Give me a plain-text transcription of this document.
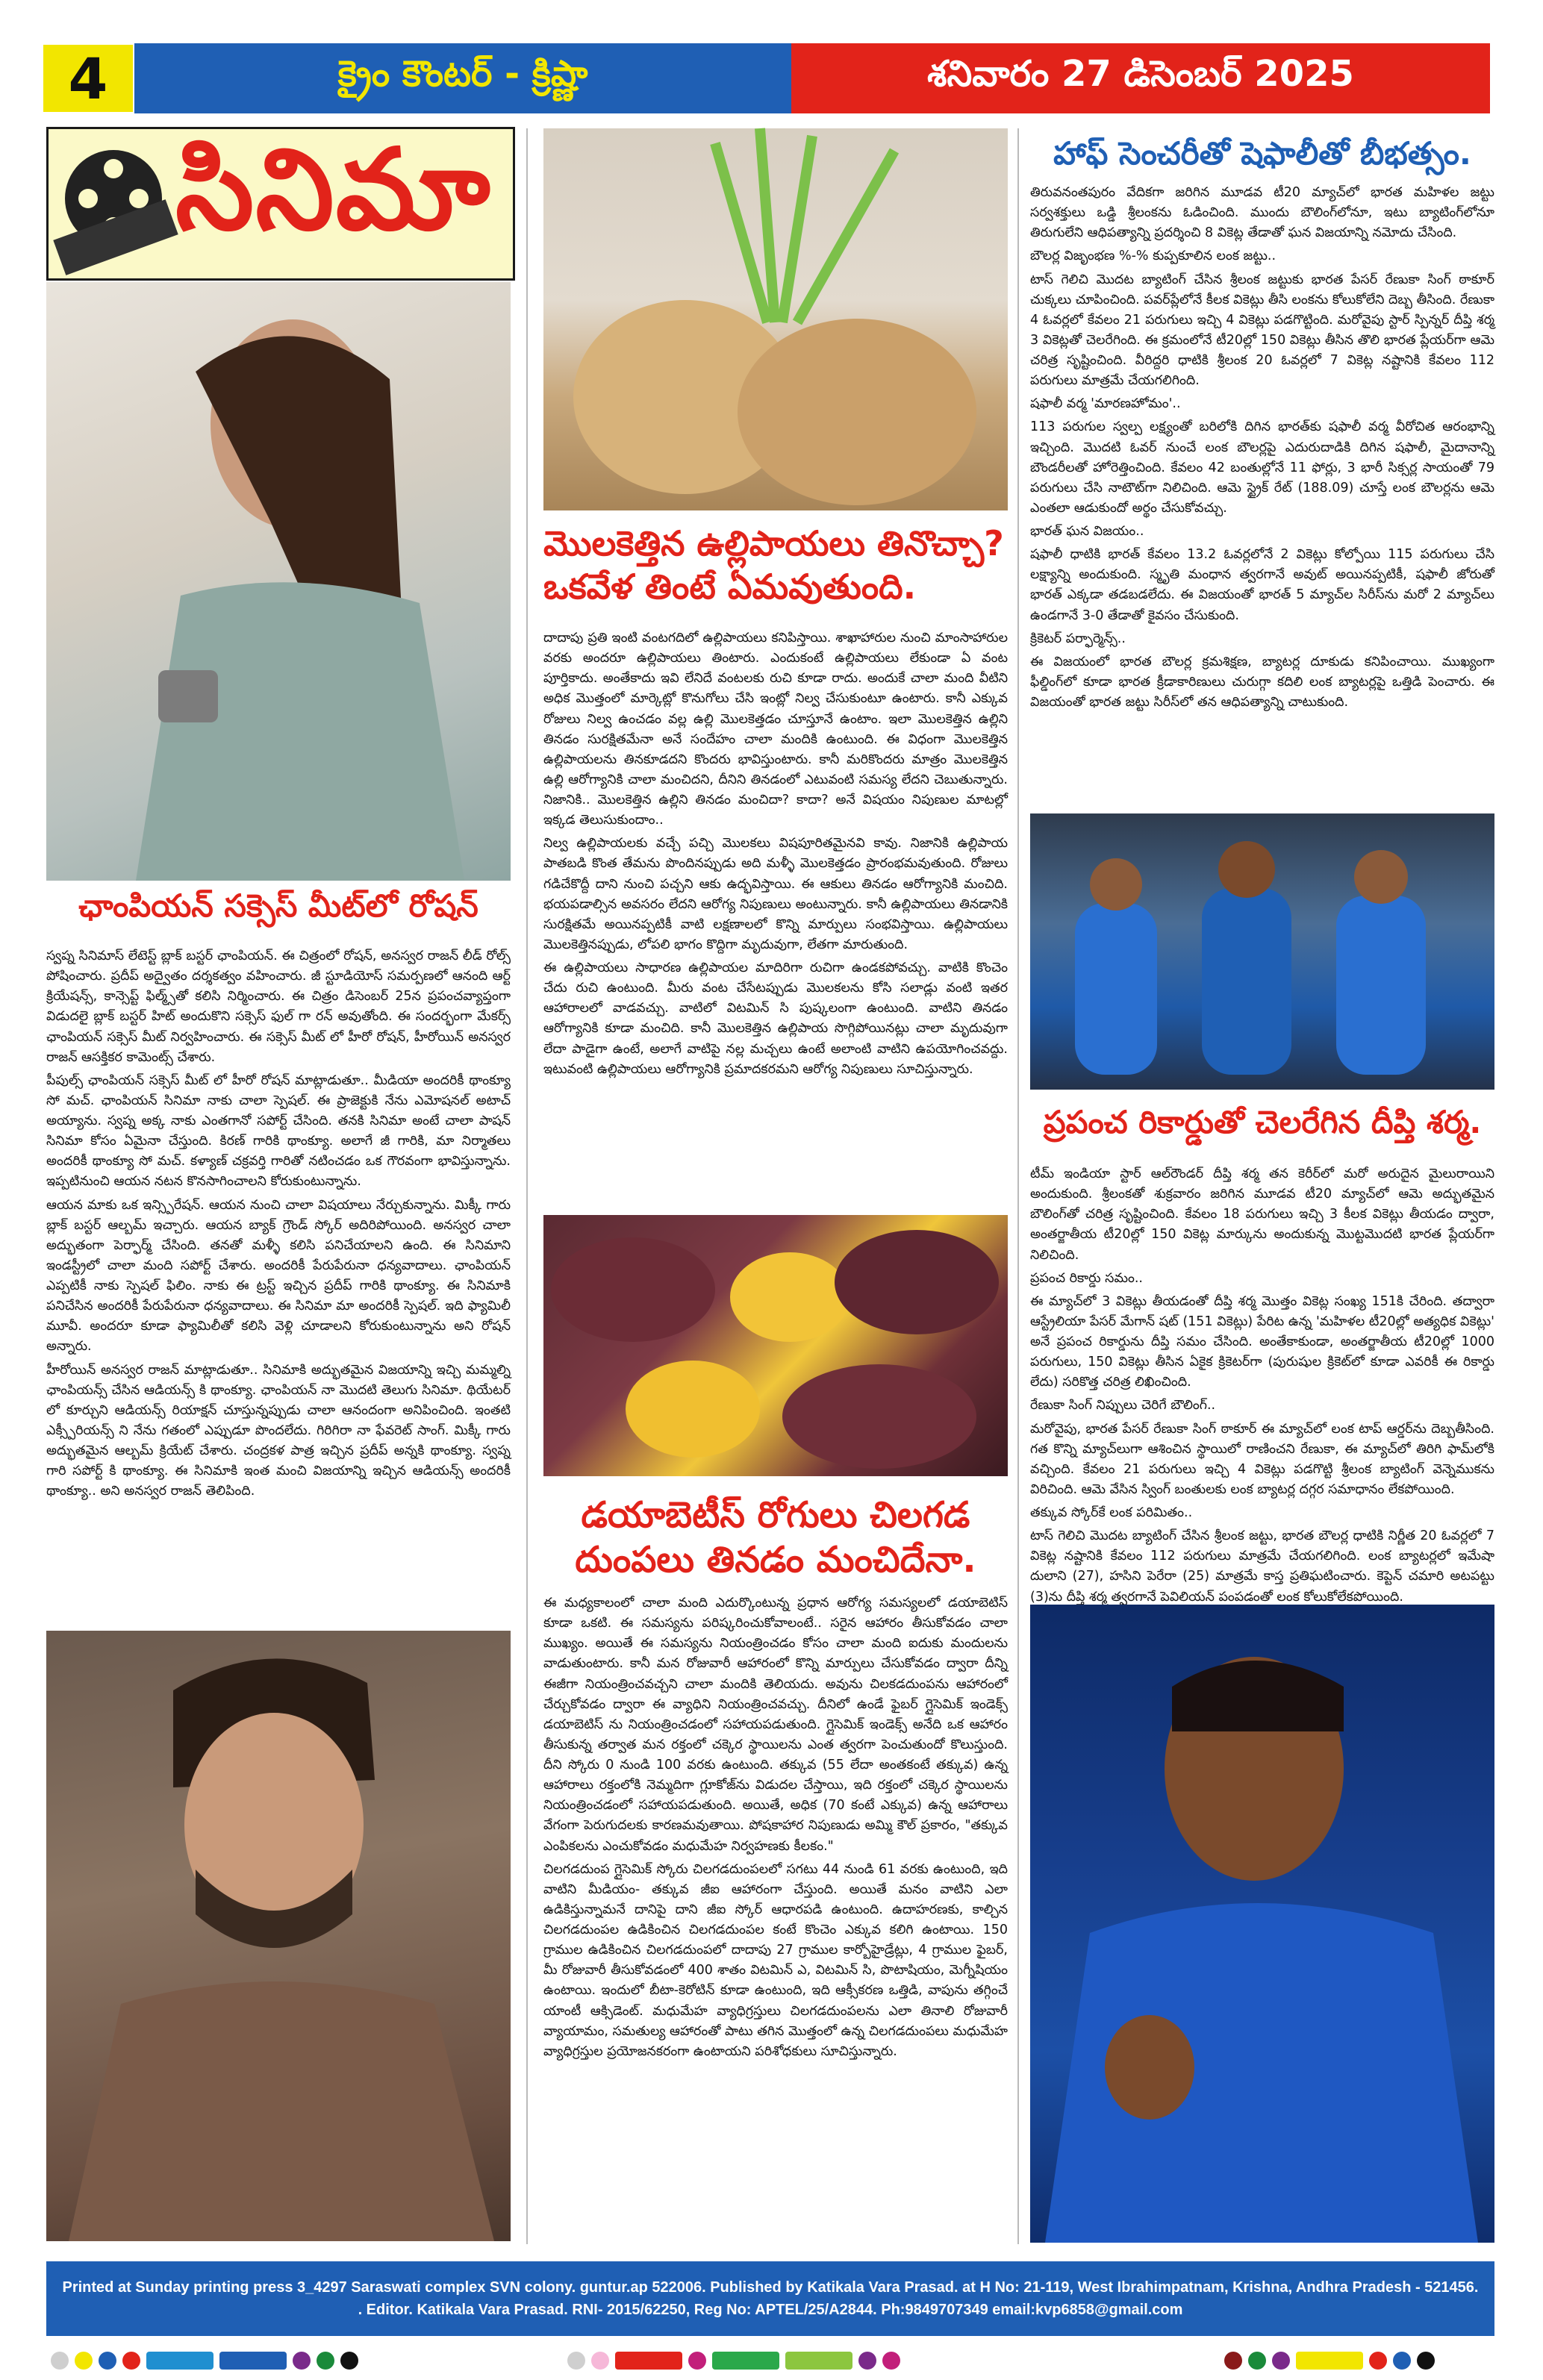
4	క్రైం కౌంటర్ - క్రిష్ణా	శనివారం 27 డిసెంబర్ 2025
సినిమా
ఛాంపియన్ సక్సెస్ మీట్‌లో రోషన్

స్వప్న సినిమాస్ లేటెస్ట్ బ్లాక్ బస్టర్ ఛాంపియన్. ఈ చిత్రంలో రోషన్, అనస్వర రాజన్ లీడ్ రోల్స్ పోషించారు. ప్రదీప్ అద్వైతం దర్శకత్వం వహించారు. జీ స్టూడియోస్ సమర్పణలో ఆనంది ఆర్ట్ క్రియేషన్స్, కాన్సెప్ట్ ఫిల్మ్స్‌తో కలిసి నిర్మించారు. ఈ చిత్రం డిసెంబర్ 25న ప్రపంచవ్యాప్తంగా విడుదలై బ్లాక్ బస్టర్ హిట్ అందుకొని సక్సెస్ ఫుల్ గా రన్ అవుతోంది. ఈ సందర్భంగా మేకర్స్ ఛాంపియన్ సక్సెస్ మీట్ నిర్వహించారు. ఈ సక్సెస్ మీట్ లో హీరో రోషన్, హీరోయిన్ అనస్వర రాజన్ ఆసక్తికర కామెంట్స్ చేశారు.

పీపుల్స్ ఛాంపియన్ సక్సెస్ మీట్ లో హీరో రోషన్ మాట్లాడుతూ.. మీడియా అందరికీ థాంక్యూ సో మచ్. ఛాంపియన్ సినిమా నాకు చాలా స్పెషల్. ఈ ప్రాజెక్టుకి నేను ఎమోషనల్ అటాచ్ అయ్యాను. స్వప్న అక్క నాకు ఎంతగానో సపోర్ట్ చేసింది. తనకి సినిమా అంటే చాలా పాషన్ సినిమా కోసం ఏమైనా చేస్తుంది. కిరణ్ గారికి థాంక్యూ. అలాగే జీ గారికి, మా నిర్మాతలు అందరికీ థాంక్యూ సో మచ్. కళ్యాణ్ చక్రవర్తి గారితో నటించడం ఒక గౌరవంగా భావిస్తున్నాను. ఇప్పటినుంచి ఆయన నటన కొనసాగించాలని కోరుకుంటున్నాను.

ఆయన మాకు ఒక ఇన్స్పిరేషన్. ఆయన నుంచి చాలా విషయాలు నేర్చుకున్నాను. మిక్కీ గారు బ్లాక్ బస్టర్ ఆల్బమ్ ఇచ్చారు. ఆయన బ్యాక్ గ్రౌండ్ స్కోర్ అదిరిపోయింది. అనస్వర చాలా అద్భుతంగా పెర్ఫార్మ్ చేసింది. తనతో మళ్ళీ కలిసి పనిచేయాలని ఉంది. ఈ సినిమాని ఇండస్ట్రీలో చాలా మంది సపోర్ట్ చేశారు. అందరికీ పేరుపేరునా ధన్యవాదాలు. ఛాంపియన్ ఎప్పటికీ నాకు స్పెషల్ ఫిలిం. నాకు ఈ ట్రస్ట్ ఇచ్చిన ప్రదీప్ గారికి థాంక్యూ. ఈ సినిమాకి పనిచేసిన అందరికీ పేరుపేరునా ధన్యవాదాలు. ఈ సినిమా మా అందరికీ స్పెషల్. ఇది ఫ్యామిలీ మూవీ. అందరూ కూడా ఫ్యామిలీతో కలిసి వెళ్లి చూడాలని కోరుకుంటున్నాను అని రోషన్ అన్నారు.

హీరోయిన్ అనస్వర రాజన్ మాట్లాడుతూ.. సినిమాకి అద్భుతమైన విజయాన్ని ఇచ్చి మమ్మల్ని ఛాంపియన్స్ చేసిన ఆడియన్స్ కి థాంక్యూ. ఛాంపియన్ నా మొదటి తెలుగు సినిమా. థియేటర్ లో కూర్చుని ఆడియన్స్ రియాక్షన్ చూస్తున్నప్పుడు చాలా ఆనందంగా అనిపించింది. ఇంతటి ఎక్స్పీరియన్స్ ని నేను గతంలో ఎప్పుడూ పొందలేదు. గిరిగిరా నా ఫేవరెట్ సాంగ్. మిక్కీ గారు అద్భుతమైన ఆల్బమ్ క్రియేట్ చేశారు. చంద్రకళ పాత్ర ఇచ్చిన ప్రదీప్ అన్నకి థాంక్యూ. స్వప్న గారి సపోర్ట్ కి థాంక్యూ. ఈ సినిమాకి ఇంత మంచి విజయాన్ని ఇచ్చిన ఆడియన్స్ అందరికీ థాంక్యూ.. అని అనస్వర రాజన్ తెలిపింది.

మొలకెత్తిన ఉల్లిపాయలు తినొచ్చా? ఒకవేళ తింటే ఏమవుతుంది.

దాదాపు ప్రతి ఇంటి వంటగదిలో ఉల్లిపాయలు కనిపిస్తాయి. శాఖాహారుల నుంచి మాంసాహారుల వరకు అందరూ ఉల్లిపాయలు తింటారు. ఎందుకంటే ఉల్లిపాయలు లేకుండా ఏ వంట పూర్తికాదు. అంతేకాదు ఇవి లేనిదే వంటలకు రుచి కూడా రాదు. అందుకే చాలా మంది వీటిని అధిక మొత్తంలో మార్కెట్లో కొనుగోలు చేసి ఇంట్లో నిల్వ చేసుకుంటూ ఉంటారు. కానీ ఎక్కువ రోజులు నిల్వ ఉంచడం వల్ల ఉల్లి మొలకెత్తడం చూస్తూనే ఉంటాం. ఇలా మొలకెత్తిన ఉల్లిని తినడం సురక్షితమేనా అనే సందేహం చాలా మందికి ఉంటుంది. ఈ విధంగా మొలకెత్తిన ఉల్లిపాయలను తినకూడదని కొందరు భావిస్తుంటారు. కానీ మరికొందరు మాత్రం మొలకెత్తిన ఉల్లి ఆరోగ్యానికి చాలా మంచిదని, దీనిని తినడంలో ఎటువంటి సమస్య లేదని చెబుతున్నారు. నిజానికి.. మొలకెత్తిన ఉల్లిని తినడం మంచిదా? కాదా? అనే విషయం నిపుణుల మాటల్లో ఇక్కడ తెలుసుకుందాం..

నిల్వ ఉల్లిపాయలకు వచ్చే పచ్చి మొలకలు విషపూరితమైనవి కావు. నిజానికి ఉల్లిపాయ పాతబడి కొంత తేమను పొందినప్పుడు అది మళ్ళీ మొలకెత్తడం ప్రారంభమవుతుంది. రోజులు గడిచేకొద్దీ దాని నుంచి పచ్చని ఆకు ఉద్భవిస్తాయి. ఈ ఆకులు తినడం ఆరోగ్యానికి మంచిది. భయపడాల్సిన అవసరం లేదని ఆరోగ్య నిపుణులు అంటున్నారు. కానీ ఉల్లిపాయలు తినడానికి సురక్షితమే అయినప్పటికీ వాటి లక్షణాలలో కొన్ని మార్పులు సంభవిస్తాయి. ఉల్లిపాయలు మొలకెత్తినప్పుడు, లోపలి భాగం కొద్దిగా మృదువుగా, లేతగా మారుతుంది.

ఈ ఉల్లిపాయలు సాధారణ ఉల్లిపాయల మాదిరిగా రుచిగా ఉండకపోవచ్చు. వాటికి కొంచెం చేదు రుచి ఉంటుంది. మీరు వంట చేసేటప్పుడు మొలకలను కోసి సలాడ్లు వంటి ఇతర ఆహారాలలో వాడవచ్చు. వాటిలో విటమిన్ సి పుష్కలంగా ఉంటుంది. వాటిని తినడం ఆరోగ్యానికి కూడా మంచిది. కానీ మొలకెత్తిన ఉల్లిపాయ సొగ్గిపోయినట్లు చాలా మృదువుగా లేదా పాడైగా ఉంటే, అలాగే వాటిపై నల్ల మచ్చలు ఉంటే అలాంటి వాటిని ఉపయోగించవద్దు. ఇటువంటి ఉల్లిపాయలు ఆరోగ్యానికి ప్రమాదకరమని ఆరోగ్య నిపుణులు సూచిస్తున్నారు.

డయాబెటీస్ రోగులు చిలగడ దుంపలు తినడం మంచిదేనా.

ఈ మధ్యకాలంలో చాలా మంది ఎదుర్కొంటున్న ప్రధాన ఆరోగ్య సమస్యలలో డయాబెటిస్ కూడా ఒకటి. ఈ సమస్యను పరిష్కరించుకోవాలంటే.. సరైన ఆహారం తీసుకోవడం చాలా ముఖ్యం. అయితే ఈ సమస్యను నియంత్రించడం కోసం చాలా మంది ఐదుకు మందులను వాడుతుంటారు. కానీ మన రోజువారీ ఆహారంలో కొన్ని మార్పులు చేసుకోవడం ద్వారా దీన్ని ఈజీగా నియంత్రించవచ్చని చాలా మందికి తెలియదు. అవును చిలకడదుంపను ఆహారంలో చేర్చుకోవడం ద్వారా ఈ వ్యాధిని నియంత్రించవచ్చు. దీనిలో ఉండే ఫైబర్ గ్లైసెమిక్ ఇండెక్స్ డయాబెటిస్ ను నియంత్రించడంలో సహాయపడుతుంది. గ్లైసెమిక్ ఇండెక్స్ అనేది ఒక ఆహారం తీసుకున్న తర్వాత మన రక్తంలో చక్కెర స్థాయిలను ఎంత త్వరగా పెంచుతుందో కొలుస్తుంది. దీని స్కోరు 0 నుండి 100 వరకు ఉంటుంది. తక్కువ (55 లేదా అంతకంటే తక్కువ) ఉన్న ఆహారాలు రక్తంలోకి నెమ్మదిగా గ్లూకోజ్‌ను విడుదల చేస్తాయి, ఇది రక్తంలో చక్కెర స్థాయిలను నియంత్రించడంలో సహాయపడుతుంది. అయితే, అధిక (70 కంటే ఎక్కువ) ఉన్న ఆహారాలు వేగంగా పెరుగుదలకు కారణమవుతాయి. పోషకాహార నిపుణుడు అమ్మి కౌల్ ప్రకారం, "తక్కువ ఎంపికలను ఎంచుకోవడం మధుమేహ నిర్వహణకు కీలకం."

చిలగడదుంప గ్లైసెమిక్ స్కోరు చిలగడదుంపలలో సగటు 44 నుండి 61 వరకు ఉంటుంది, ఇది వాటిని మీడియం- తక్కువ జీఐ ఆహారంగా చేస్తుంది. అయితే మనం వాటిని ఎలా ఉడికిస్తున్నామనే దానిపై దాని జీఐ స్కోర్ ఆధారపడి ఉంటుంది. ఉదాహరణకు, కాల్చిన చిలగడదుంపల ఉడికించిన చిలగడదుంపల కంటే కొంచెం ఎక్కువ కలిగి ఉంటాయి. 150 గ్రాముల ఉడికించిన చిలగడదుంపలో దాదాపు 27 గ్రాముల కార్బోహైడ్రేట్లు, 4 గ్రాముల ఫైబర్, మీ రోజువారీ తీసుకోవడంలో 400 శాతం విటమిన్ ఎ, విటమిన్ సి, పొటాషియం, మెగ్నీషియం ఉంటాయి. ఇందులో బీటా-కెరోటిన్ కూడా ఉంటుంది, ఇది ఆక్సీకరణ ఒత్తిడి, వాపును తగ్గించే యాంటీ ఆక్సిడెంట్. మధుమేహ వ్యాధిగ్రస్తులు చిలగడదుంపలను ఎలా తినాలి రోజువారీ వ్యాయామం, సమతుల్య ఆహారంతో పాటు తగిన మొత్తంలో ఉన్న చిలగడదుంపలు మధుమేహ వ్యాధిగ్రస్తుల ప్రయోజనకరంగా ఉంటాయని పరిశోధకులు సూచిస్తున్నారు.

హాఫ్ సెంచరీతో షెఫాలీతో బీభత్సం.

తిరువనంతపురం వేదికగా జరిగిన మూడవ టీ20 మ్యాచ్‌లో భారత మహిళల జట్టు సర్వశక్తులు ఒడ్డి శ్రీలంకను ఓడించింది. ముందు బౌలింగ్‌లోనూ, ఇటు బ్యాటింగ్‌లోనూ తిరుగులేని ఆధిపత్యాన్ని ప్రదర్శించి 8 వికెట్ల తేడాతో ఘన విజయాన్ని నమోదు చేసింది.

బౌలర్ల విజృంభణ %-% కుప్పకూలిన లంక జట్టు..

టాస్ గెలిచి మొదట బ్యాటింగ్ చేసిన శ్రీలంక జట్టుకు భారత పేసర్ రేణుకా సింగ్ ఠాకూర్ చుక్కలు చూపించింది. పవర్‌ప్లేలోనే కీలక వికెట్లు తీసి లంకను కోలుకోలేని దెబ్బ తీసింది. రేణుకా 4 ఓవర్లలో కేవలం 21 పరుగులు ఇచ్చి 4 వికెట్లు పడగొట్టింది. మరోవైపు స్టార్ స్పిన్నర్ దీప్తి శర్మ 3 వికెట్లతో చెలరేగింది. ఈ క్రమంలోనే టీ20ల్లో 150 వికెట్లు తీసిన తొలి భారత ప్లేయర్‌గా ఆమె చరిత్ర సృష్టించింది. వీరిద్దరి ధాటికి శ్రీలంక 20 ఓవర్లలో 7 వికెట్ల నష్టానికి కేవలం 112 పరుగులు మాత్రమే చేయగలిగింది.

షఫాలీ వర్మ 'మారణహోమం'..

113 పరుగుల స్వల్ప లక్ష్యంతో బరిలోకి దిగిన భారత్‌కు షఫాలీ వర్మ వీరోచిత ఆరంభాన్ని ఇచ్చింది. మొదటి ఓవర్ నుంచే లంక బౌలర్లపై ఎదురుదాడికి దిగిన షఫాలీ, మైదానాన్ని బౌండరీలతో హోరెత్తించింది. కేవలం 42 బంతుల్లోనే 11 ఫోర్లు, 3 భారీ సిక్సర్ల సాయంతో 79 పరుగులు చేసి నాటౌట్‌గా నిలిచింది. ఆమె స్ట్రైక్ రేట్ (188.09) చూస్తే లంక బౌలర్లను ఆమె ఎంతలా ఆడుకుందో అర్థం చేసుకోవచ్చు.

భారత్ ఘన విజయం..

షఫాలీ ధాటికి భారత్ కేవలం 13.2 ఓవర్లలోనే 2 వికెట్లు కోల్పోయి 115 పరుగులు చేసి లక్ష్యాన్ని అందుకుంది. స్మృతి మంధాన త్వరగానే అవుట్ అయినప్పటికీ, షఫాలీ జోరుతో భారత్ ఎక్కడా తడబడలేదు. ఈ విజయంతో భారత్ 5 మ్యాచ్‌ల సిరీస్‌ను మరో 2 మ్యాచ్‌లు ఉండగానే 3-0 తేడాతో కైవసం చేసుకుంది.

క్రికెటర్ పర్ఫార్మెన్స్..

ఈ విజయంలో భారత బౌలర్ల క్రమశిక్షణ, బ్యాటర్ల దూకుడు కనిపించాయి. ముఖ్యంగా ఫీల్డింగ్‌లో కూడా భారత క్రీడాకారిణులు చురుగ్గా కదిలి లంక బ్యాటర్లపై ఒత్తిడి పెంచారు. ఈ విజయంతో భారత జట్టు సిరీస్‌లో తన ఆధిపత్యాన్ని చాటుకుంది.

ప్రపంచ రికార్డుతో చెలరేగిన దీప్తి శర్మ.

టీమ్ ఇండియా స్టార్ ఆల్‌రౌండర్ దీప్తి శర్మ తన కెరీర్‌లో మరో అరుదైన మైలురాయిని అందుకుంది. శ్రీలంకతో శుక్రవారం జరిగిన మూడవ టీ20 మ్యాచ్‌లో ఆమె అద్భుతమైన బౌలింగ్‌తో చరిత్ర సృష్టించింది. కేవలం 18 పరుగులు ఇచ్చి 3 కీలక వికెట్లు తీయడం ద్వారా, అంతర్జాతీయ టీ20ల్లో 150 వికెట్ల మార్కును అందుకున్న మొట్టమొదటి భారత ప్లేయర్‌గా నిలిచింది.

ప్రపంచ రికార్డు సమం..

ఈ మ్యాచ్‌లో 3 వికెట్లు తీయడంతో దీప్తి శర్మ మొత్తం వికెట్ల సంఖ్య 151కి చేరింది. తద్వారా ఆస్ట్రేలియా పేసర్ మేగాన్ షట్ (151 వికెట్లు) పేరిట ఉన్న 'మహిళల టీ20ల్లో అత్యధిక వికెట్లు' అనే ప్రపంచ రికార్డును దీప్తి సమం చేసింది. అంతేకాకుండా, అంతర్జాతీయ టీ20ల్లో 1000 పరుగులు, 150 వికెట్లు తీసిన ఏకైక క్రికెటర్‌గా (పురుషుల క్రికెట్‌లో కూడా ఎవరికీ ఈ రికార్డు లేదు) సరికొత్త చరిత్ర లిఖించింది.

రేణుకా సింగ్ నిప్పులు చెరిగే బౌలింగ్..

మరోవైపు, భారత పేసర్ రేణుకా సింగ్ ఠాకూర్ ఈ మ్యాచ్‌లో లంక టాప్ ఆర్డర్‌ను దెబ్బతీసింది. గత కొన్ని మ్యాచ్‌లుగా ఆశించిన స్థాయిలో రాణించని రేణుకా, ఈ మ్యాచ్‌లో తిరిగి ఫామ్‌లోకి వచ్చింది. కేవలం 21 పరుగులు ఇచ్చి 4 వికెట్లు పడగొట్టి శ్రీలంక బ్యాటింగ్ వెన్నెముకను విరిచింది. ఆమె వేసిన స్వింగ్ బంతులకు లంక బ్యాటర్ల దగ్గర సమాధానం లేకపోయింది.

తక్కువ స్కోర్‌కే లంక పరిమితం..

టాస్ గెలిచి మొదట బ్యాటింగ్ చేసిన శ్రీలంక జట్టు, భారత బౌలర్ల ధాటికి నిర్ణీత 20 ఓవర్లలో 7 వికెట్ల నష్టానికి కేవలం 112 పరుగులు మాత్రమే చేయగలిగింది. లంక బ్యాటర్లలో ఇమేషా దులాని (27), హసిని పెరేరా (25) మాత్రమే కాస్త ప్రతిఘటించారు. కెప్టెన్ చమారి అటపట్టు (3)ను దీప్తి శర్మ త్వరగానే పెవిలియన్ పంపడంతో లంక కోలుకోలేకపోయింది.

Printed at Sunday printing press 3_4297 Saraswati complex SVN colony. guntur.ap 522006. Published by Katikala Vara Prasad. at H No: 21-119, West Ibrahimpatnam, Krishna, Andhra Pradesh - 521456. . Editor. Katikala Vara Prasad. RNI- 2015/62250, Reg No: APTEL/25/A2844. Ph:9849707349 email:kvp6858@gmail.com
